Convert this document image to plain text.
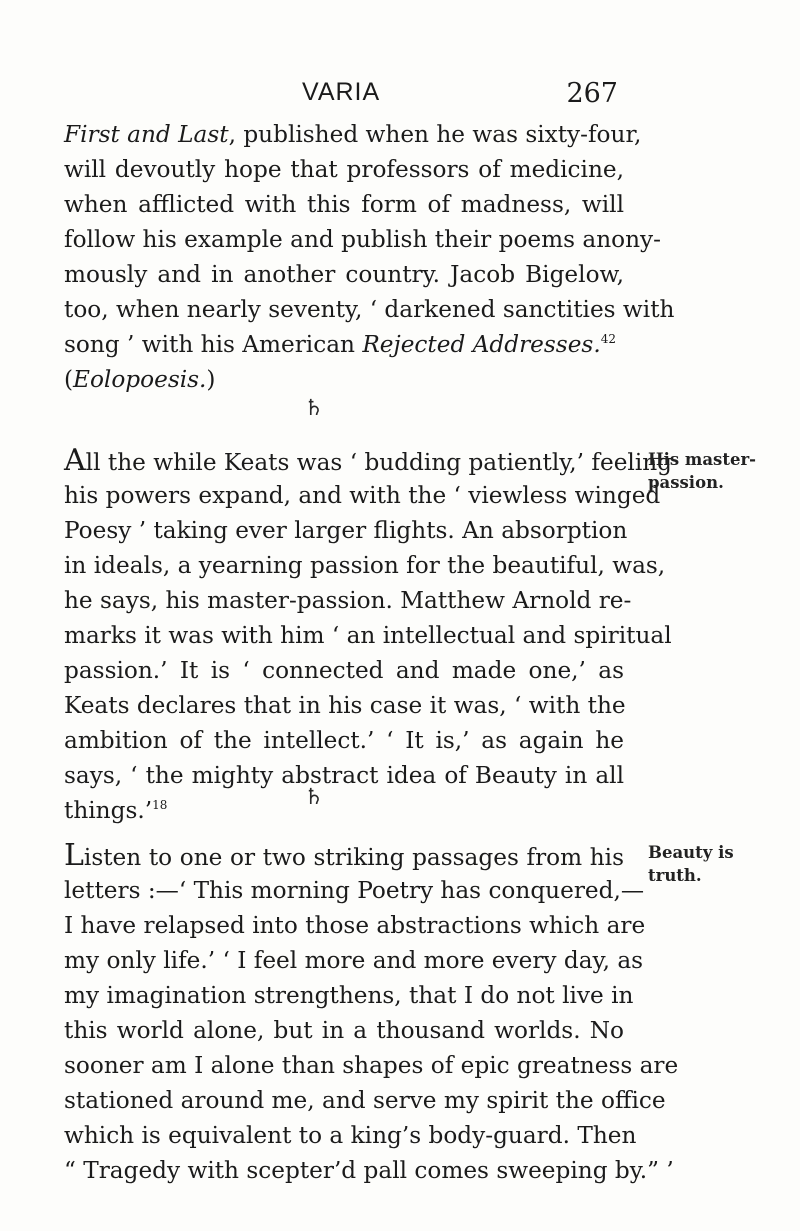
VARIA	267
First and Last, published when he was sixty-four,
will devoutly hope that professors of medicine,
when afflicted with this form of madness, will
follow his example and publish their poems anony-
mously and in another country. Jacob Bigelow,
too, when nearly seventy, ‘ darkened sanctities with
song ’ with his American Rejected Addresses.$^{42}$
(Eolopoesis.)
♄
All the while Keats was ‘ budding patiently,’ feeling
his powers expand, and with the ‘ viewless winged
Poesy ’ taking ever larger flights. An absorption
in ideals, a yearning passion for the beautiful, was,
he says, his master-passion. Matthew Arnold re-
marks it was with him ‘ an intellectual and spiritual
passion.’ It is ‘ connected and made one,’ as
Keats declares that in his case it was, ‘ with the
ambition of the intellect.’ ‘ It is,’ as again he
says, ‘ the mighty abstract idea of Beauty in all
things.’$^{18}$
His master-
passion.
♄
Listen to one or two striking passages from his
letters :—‘ This morning Poetry has conquered,—
I have relapsed into those abstractions which are
my only life.’ ‘ I feel more and more every day, as
my imagination strengthens, that I do not live in
this world alone, but in a thousand worlds. No
sooner am I alone than shapes of epic greatness are
stationed around me, and serve my spirit the office
which is equivalent to a king’s body-guard. Then
“ Tragedy with scepter’d pall comes sweeping by.” ’
Beauty is
truth.
